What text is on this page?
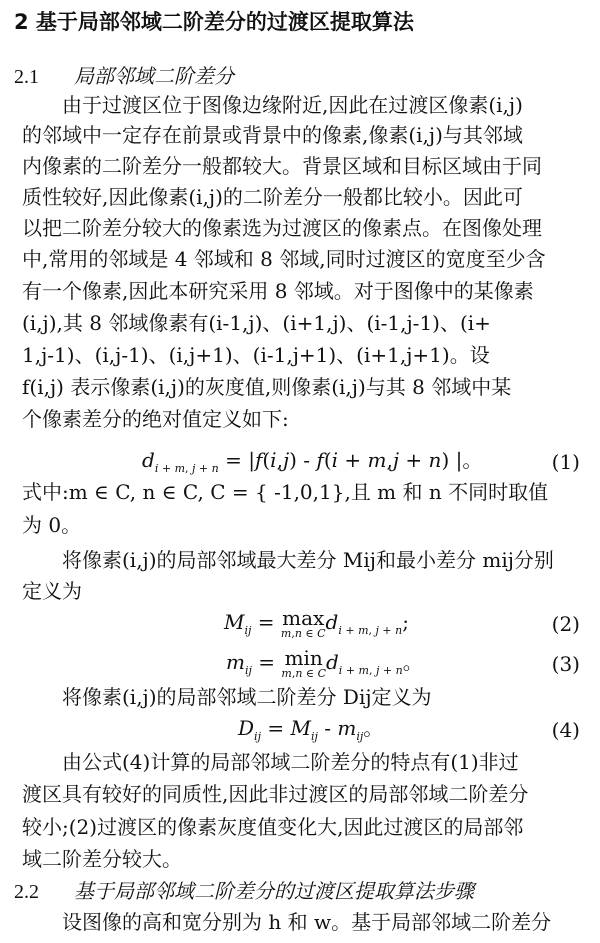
2 基于局部邻域二阶差分的过渡区提取算法
2.1 局部邻域二阶差分
由于过渡区位于图像边缘附近,因此在过渡区像素(i,j)
的邻域中一定存在前景或背景中的像素,像素(i,j)与其邻域
内像素的二阶差分一般都较大。背景区域和目标区域由于同
质性较好,因此像素(i,j)的二阶差分一般都比较小。因此可
以把二阶差分较大的像素选为过渡区的像素点。在图像处理
中,常用的邻域是 4 邻域和 8 邻域,同时过渡区的宽度至少含
有一个像素,因此本研究采用 8 邻域。对于图像中的某像素
(i,j),其 8 邻域像素有(i-1,j)、(i+1,j)、(i-1,j-1)、(i+
1,j-1)、(i,j-1)、(i,j+1)、(i-1,j+1)、(i+1,j+1)。设
f(i,j) 表示像素(i,j)的灰度值,则像素(i,j)与其 8 邻域中某
个像素差分的绝对值定义如下:
$d_{i + m, j + n} = |f(i,j) - f(i + m,j + n)$ |。	(1)
式中:m ∈ C, n ∈ C, C = { -1,0,1},且 m 和 n 不同时取值
为 0。
将像素(i,j)的局部邻域最大差分 Mij和最小差分 mij分别
定义为
$M_{ij} = \max$

m,n ∈ C $d_{i + m, j + n}$;	(2)
$m_{ij} = \min$

m,n ∈ C $d_{i + m, j + n}$。	(3)
将像素(i,j)的局部邻域二阶差分 Dij定义为
$D_{ij} = M_{ij} - m_{ij}$。	(4)
由公式(4)计算的局部邻域二阶差分的特点有(1)非过
渡区具有较好的同质性,因此非过渡区的局部邻域二阶差分
较小;(2)过渡区的像素灰度值变化大,因此过渡区的局部邻
域二阶差分较大。
2.2 基于局部邻域二阶差分的过渡区提取算法步骤
设图像的高和宽分别为 h 和 w。基于局部邻域二阶差分
